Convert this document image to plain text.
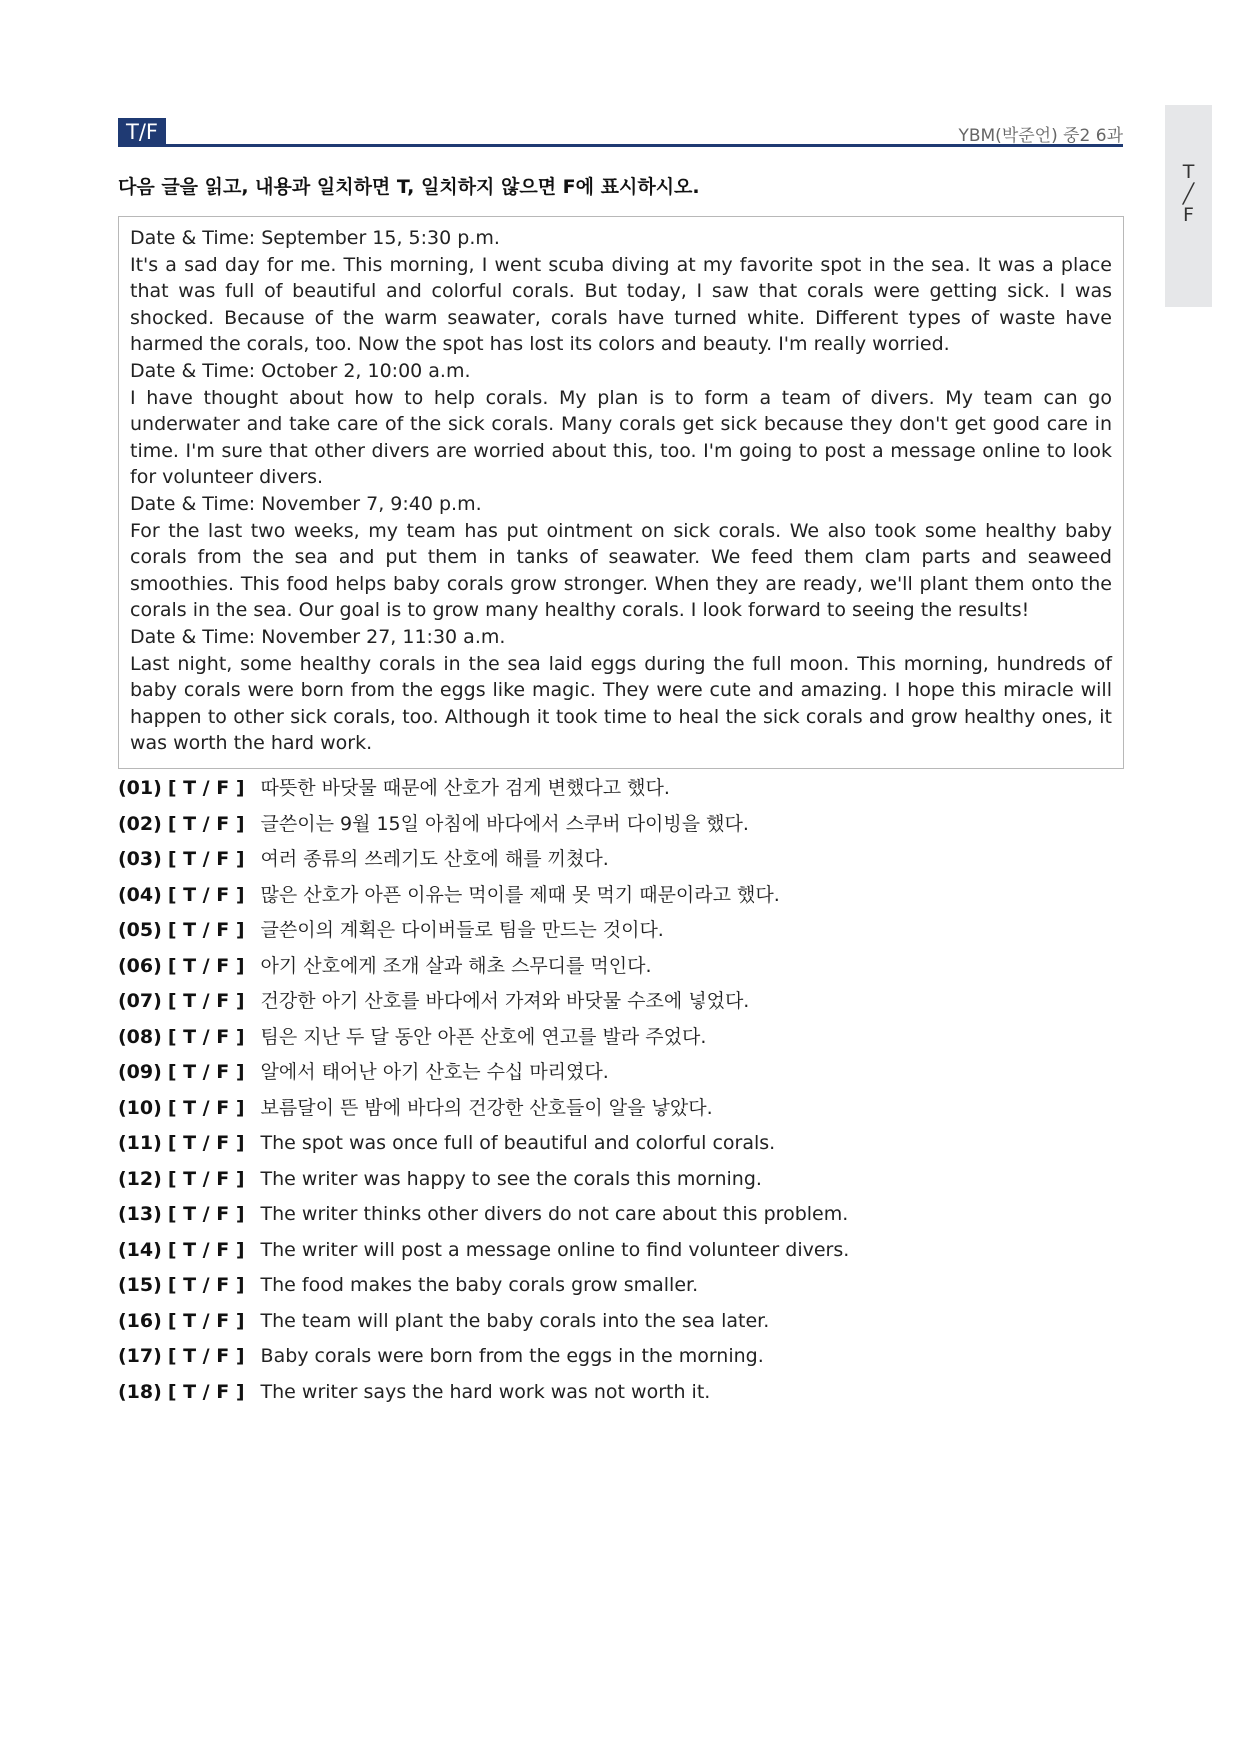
T/F	YBM(박준언) 중2 6과
T
╱
F
다음 글을 읽고, 내용과 일치하면 T, 일치하지 않으면 F에 표시하시오.

Date & Time: September 15, 5:30 p.m.

It's a sad day for me. This morning, I went scuba diving at my favorite spot in the sea. It was a place that was full of beautiful and colorful corals. But today, I saw that corals were getting sick. I was shocked. Because of the warm seawater, corals have turned white. Different types of waste have harmed the corals, too. Now the spot has lost its colors and beauty. I'm really worried.

Date & Time: October 2, 10:00 a.m.

I have thought about how to help corals. My plan is to form a team of divers. My team can go underwater and take care of the sick corals. Many corals get sick because they don't get good care in time. I'm sure that other divers are worried about this, too. I'm going to post a message online to look for volunteer divers.

Date & Time: November 7, 9:40 p.m.

For the last two weeks, my team has put ointment on sick corals. We also took some healthy baby corals from the sea and put them in tanks of seawater. We feed them clam parts and seaweed smoothies. This food helps baby corals grow stronger. When they are ready, we'll plant them onto the corals in the sea. Our goal is to grow many healthy corals. I look forward to seeing the results!

Date & Time: November 27, 11:30 a.m.

Last night, some healthy corals in the sea laid eggs during the full moon. This morning, hundreds of baby corals were born from the eggs like magic. They were cute and amazing. I hope this miracle will happen to other sick corals, too. Although it took time to heal the sick corals and grow healthy ones, it was worth the hard work.

(01) [ T / F ] 따뜻한 바닷물 때문에 산호가 검게 변했다고 했다.
(02) [ T / F ] 글쓴이는 9월 15일 아침에 바다에서 스쿠버 다이빙을 했다.
(03) [ T / F ] 여러 종류의 쓰레기도 산호에 해를 끼쳤다.
(04) [ T / F ] 많은 산호가 아픈 이유는 먹이를 제때 못 먹기 때문이라고 했다.
(05) [ T / F ] 글쓴이의 계획은 다이버들로 팀을 만드는 것이다.
(06) [ T / F ] 아기 산호에게 조개 살과 해초 스무디를 먹인다.
(07) [ T / F ] 건강한 아기 산호를 바다에서 가져와 바닷물 수조에 넣었다.
(08) [ T / F ] 팀은 지난 두 달 동안 아픈 산호에 연고를 발라 주었다.
(09) [ T / F ] 알에서 태어난 아기 산호는 수십 마리였다.
(10) [ T / F ] 보름달이 뜬 밤에 바다의 건강한 산호들이 알을 낳았다.
(11) [ T / F ] The spot was once full of beautiful and colorful corals.
(12) [ T / F ] The writer was happy to see the corals this morning.
(13) [ T / F ] The writer thinks other divers do not care about this problem.
(14) [ T / F ] The writer will post a message online to find volunteer divers.
(15) [ T / F ] The food makes the baby corals grow smaller.
(16) [ T / F ] The team will plant the baby corals into the sea later.
(17) [ T / F ] Baby corals were born from the eggs in the morning.
(18) [ T / F ] The writer says the hard work was not worth it.
